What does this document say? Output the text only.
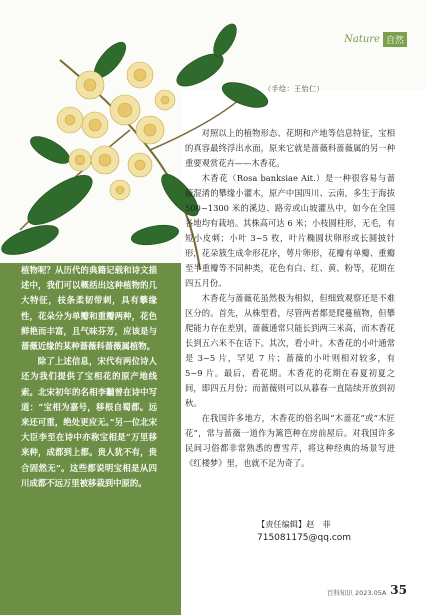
Nature 自然
（手绘：王怡仁）

植物呢？从历代的典籍记载和诗文描述中，我们可以概括出这种植物的几大特征，枝条柔韧带刺，具有攀缘性，花朵分为单瓣和重瓣两种，花色鲜艳而丰富，且气味芬芳，应该是与蔷薇近缘的某种蔷薇科蔷薇属植物。

除了上述信息，宋代有两位诗人还为我们提供了宝相花的原产地线索。北宋初年的名相李黼曾在诗中写道：“宝相为嘉号，移根自蜀都。远来还可重，绝处更应无。”另一位北宋大臣李至在诗中亦称宝相是“万里移来种，成都到上都。贵人犹不有，贵合固然无”。这些都说明宝相是从四川成都不远万里被移栽到中原的。

对照以上的植物形态、花期和产地等信息特征，宝相的真容最终浮出水面，原来它就是蔷薇科蔷薇属的另一种重要观赏花卉——木香花。

木香花（Rosa banksiae Ait.）是一种很容易与蔷薇混淆的攀缘小灌木，原产中国四川、云南，多生于海拔 500~1300 米的溪边、路旁或山坡灌丛中，如今在全国各地均有栽培。其株高可达 6 米；小枝圆柱形，无毛，有短小皮刺；小叶 3~5 枚，叶片椭圆状卵形或长圆披针形，花朵簇生成伞形花序，萼片卵形，花瓣有单瓣、重瓣至半重瓣等不同种类，花色有白、红、黄、粉等，花期在四五月份。

木香花与蔷薇花虽然极为相似，但细致观察还是不难区分的。首先，从株型看，尽管两者都是爬蔓植物，但攀爬能力存在差别，蔷薇通常只能长到两三米高，而木香花长到五六米不在话下。其次，看小叶。木香花的小叶通常是 3~5 片，罕见 7 片；蔷薇的小叶则相对较多，有 5~9 片。最后，看花期。木香花的花期在春夏初夏之间，即四五月份；而蔷薇则可以从暮春一直陆续开放到初秋。

在我国许多地方，木香花的俗名叫“木蔷花”或“木匠花”，常与蔷薇一道作为篱笆种在房前屋后。对我国许多民间习俗都非常熟悉的曹雪芹，将这种经典的场景写进《红楼梦》里，也就不足为奇了。

【责任编辑】赵　菲
715081175@qq.com
百科知识 2023.05A 35
